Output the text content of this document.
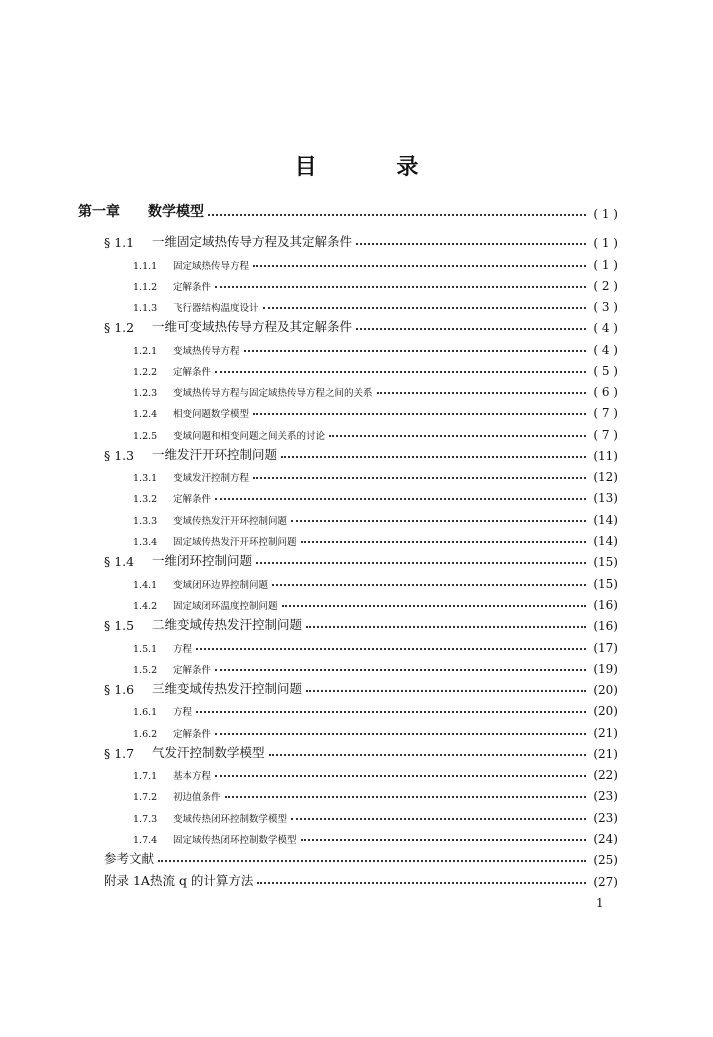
目 录
第一章	数学模型	( 1 )
§ 1.1	一维固定域热传导方程及其定解条件	( 1 )
1.1.1	固定域热传导方程	( 1 )
1.1.2	定解条件	( 2 )
1.1.3	飞行器结构温度设计	( 3 )
§ 1.2	一维可变域热传导方程及其定解条件	( 4 )
1.2.1	变域热传导方程	( 4 )
1.2.2	定解条件	( 5 )
1.2.3	变域热传导方程与固定域热传导方程之间的关系	( 6 )
1.2.4	相变问题数学模型	( 7 )
1.2.5	变域问题和相变问题之间关系的讨论	( 7 )
§ 1.3	一维发汗开环控制问题	(11)
1.3.1	变域发汗控制方程	(12)
1.3.2	定解条件	(13)
1.3.3	变域传热发汗开环控制问题	(14)
1.3.4	固定域传热发汗开环控制问题	(14)
§ 1.4	一维闭环控制问题	(15)
1.4.1	变域闭环边界控制问题	(15)
1.4.2	固定域闭环温度控制问题	(16)
§ 1.5	二维变域传热发汗控制问题	(16)
1.5.1	方程	(17)
1.5.2	定解条件	(19)
§ 1.6	三维变域传热发汗控制问题	(20)
1.6.1	方程	(20)
1.6.2	定解条件	(21)
§ 1.7	气发汗控制数学模型	(21)
1.7.1	基本方程	(22)
1.7.2	初边值条件	(23)
1.7.3	变域传热闭环控制数学模型	(23)
1.7.4	固定域传热闭环控制数学模型	(24)
参考文献	(25)
附录 1A 热流 q 的计算方法	(27)
1
